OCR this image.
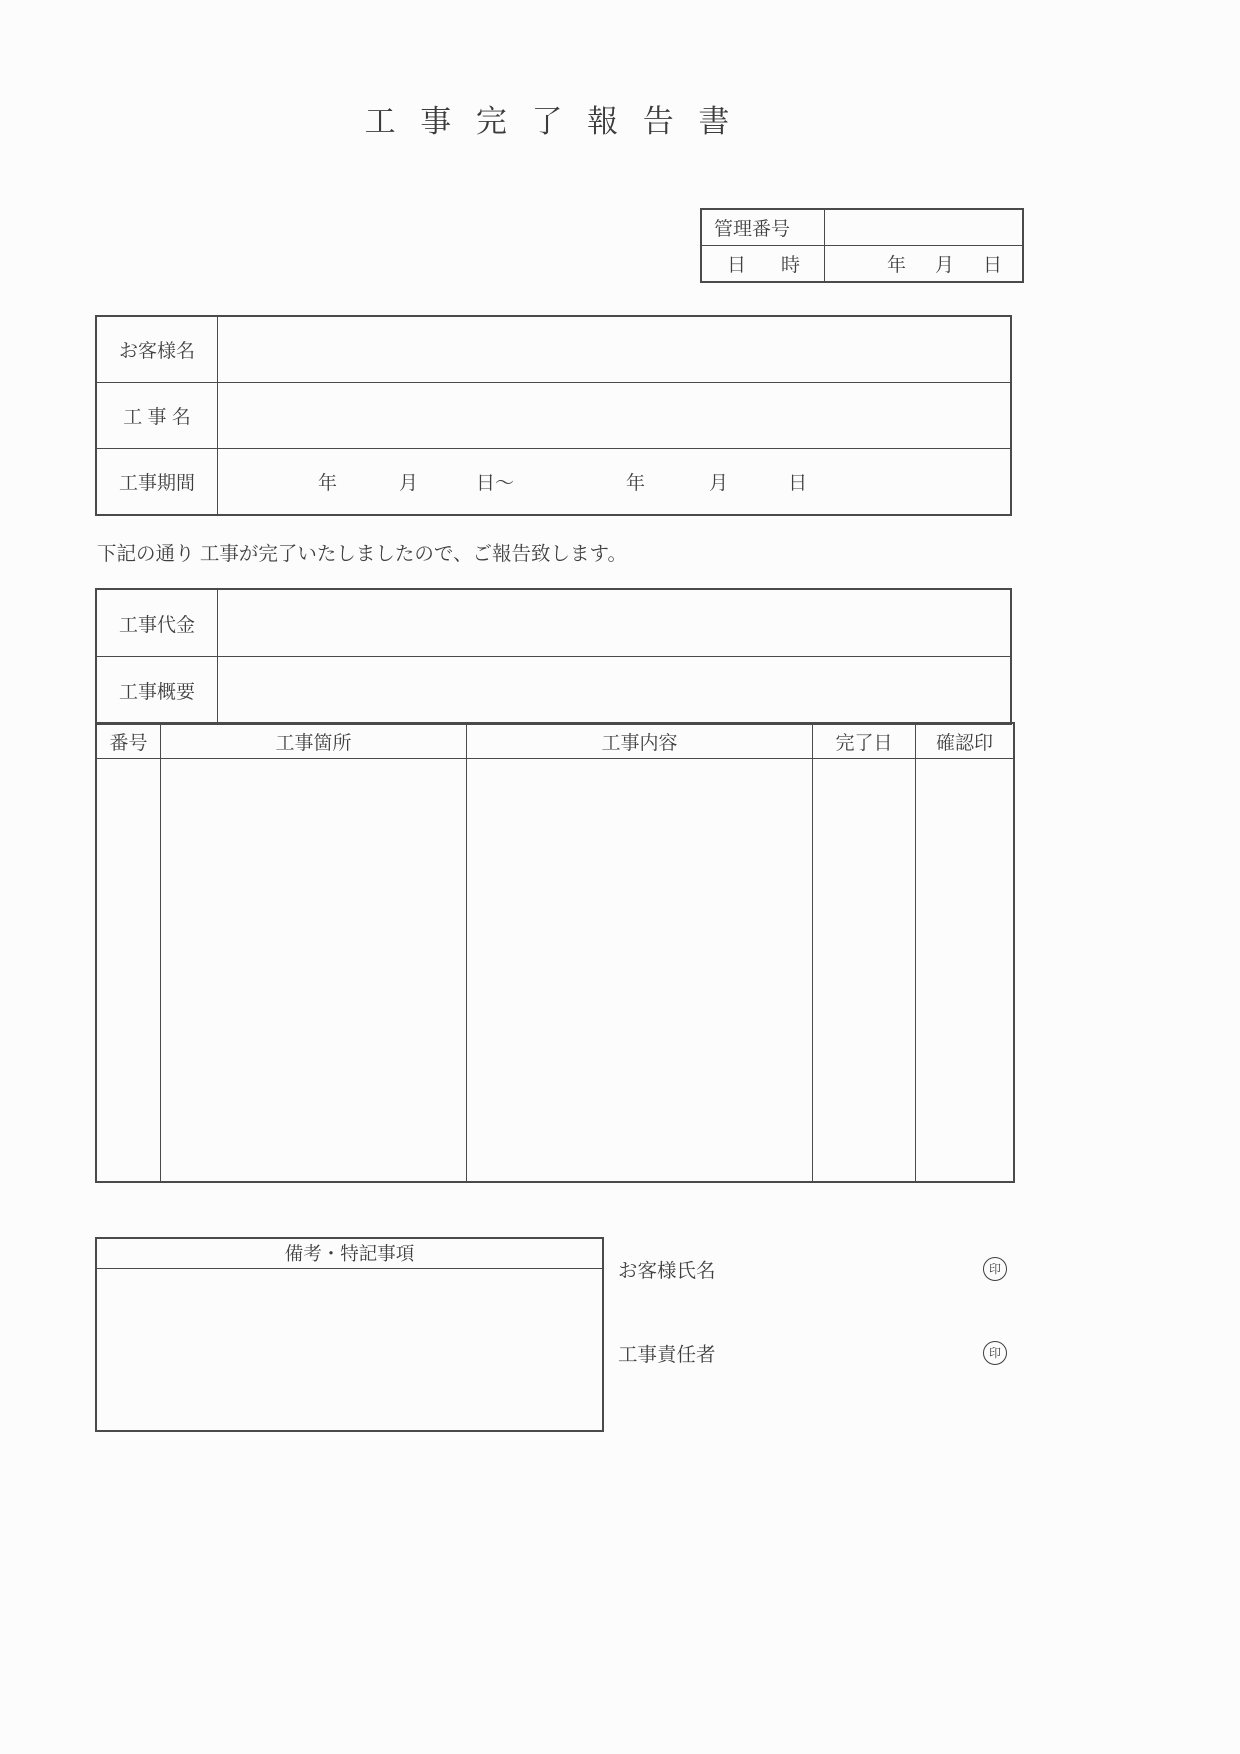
工 事 完 了 報 告 書
管理番号	

日 時	年 月 日
お客様名	
工 事 名	
工事期間	年	月	日〜	年	月	日
下記の通り 工事が完了いたしましたので、ご報告致します。
工事代金	
工事概要	
番号	工事箇所	工事内容	完了日	確認印

備考・特記事項
お客様氏名	印
工事責任者	印
